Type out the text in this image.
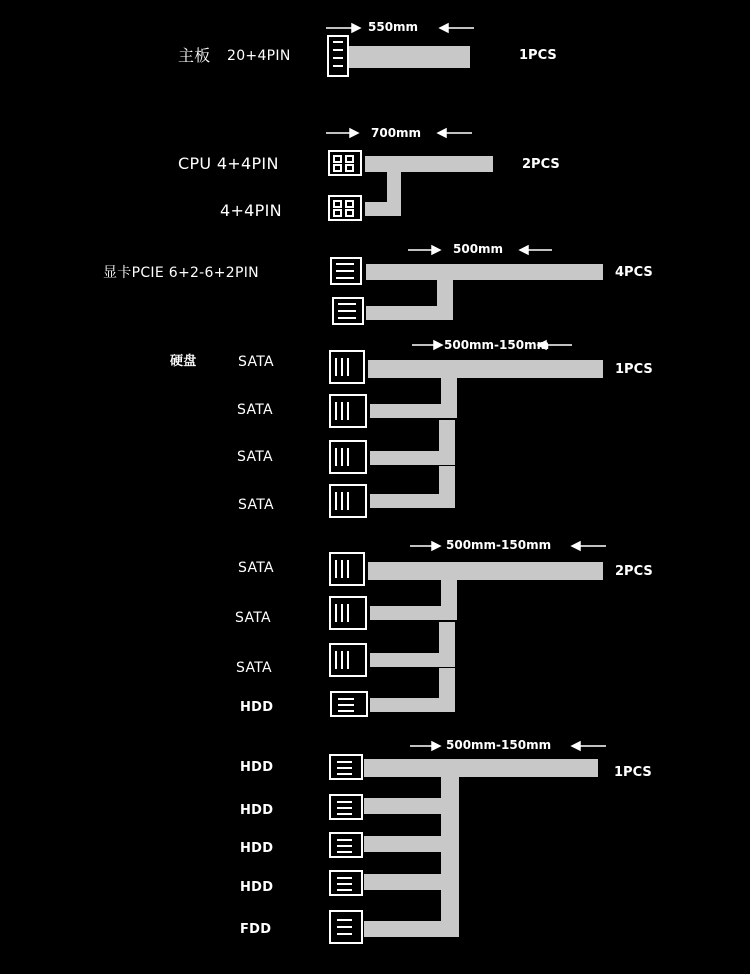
主板 20+4PIN
550mm
1PCS
CPU 4+4PIN
4+4PIN
700mm
2PCS
显卡PCIE 6+2-6+2PIN
500mm
4PCS
硬盘	SATA
SATA
SATA
SATA
500mm-150mm
1PCS
SATA
SATA
SATA
HDD
500mm-150mm
2PCS
HDD
HDD
HDD
HDD
FDD
500mm-150mm
1PCS
